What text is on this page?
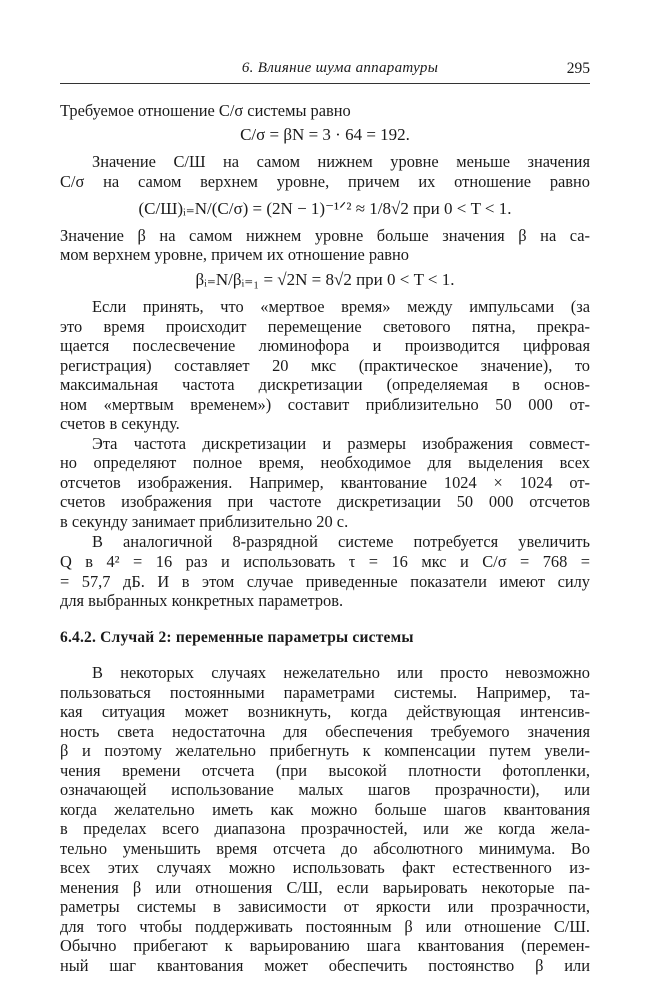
6. Влияние шума аппаратуры	295
Требуемое отношение C/σ системы равно
C/σ = βN = 3 · 64 = 192.
Значение С/Ш на самом нижнем уровне меньше значения
C/σ на самом верхнем уровне, причем их отношение равно
(C/Ш)ᵢ₌N/(C/σ) = (2N − 1)⁻¹ᐟ² ≈ 1/8√2 при 0 < T < 1.
Значение β на самом нижнем уровне больше значения β на са-
мом верхнем уровне, причем их отношение равно
βᵢ₌N/βᵢ₌₁ = √2N = 8√2 при 0 < T < 1.
Если принять, что «мертвое время» между импульсами (за
это время происходит перемещение светового пятна, прекра-
щается послесвечение люминофора и производится цифровая
регистрация) составляет 20 мкс (практическое значение), то
максимальная частота дискретизации (определяемая в основ-
ном «мертвым временем») составит приблизительно 50 000 от-
счетов в секунду.
Эта частота дискретизации и размеры изображения совмест-
но определяют полное время, необходимое для выделения всех
отсчетов изображения. Например, квантование 1024 × 1024 от-
счетов изображения при частоте дискретизации 50 000 отсчетов
в секунду занимает приблизительно 20 с.
В аналогичной 8-разрядной системе потребуется увеличить
Q в 4² = 16 раз и использовать τ = 16 мкс и C/σ = 768 =
= 57,7 дБ. И в этом случае приведенные показатели имеют силу
для выбранных конкретных параметров.
6.4.2. Случай 2: переменные параметры системы
В некоторых случаях нежелательно или просто невозможно
пользоваться постоянными параметрами системы. Например, та-
кая ситуация может возникнуть, когда действующая интенсив-
ность света недостаточна для обеспечения требуемого значения
β и поэтому желательно прибегнуть к компенсации путем увели-
чения времени отсчета (при высокой плотности фотопленки,
означающей использование малых шагов прозрачности), или
когда желательно иметь как можно больше шагов квантования
в пределах всего диапазона прозрачностей, или же когда жела-
тельно уменьшить время отсчета до абсолютного минимума. Во
всех этих случаях можно использовать факт естественного из-
менения β или отношения С/Ш, если варьировать некоторые па-
раметры системы в зависимости от яркости или прозрачности,
для того чтобы поддерживать постоянным β или отношение С/Ш.
Обычно прибегают к варьированию шага квантования (перемен-
ный шаг квантования может обеспечить постоянство β или
